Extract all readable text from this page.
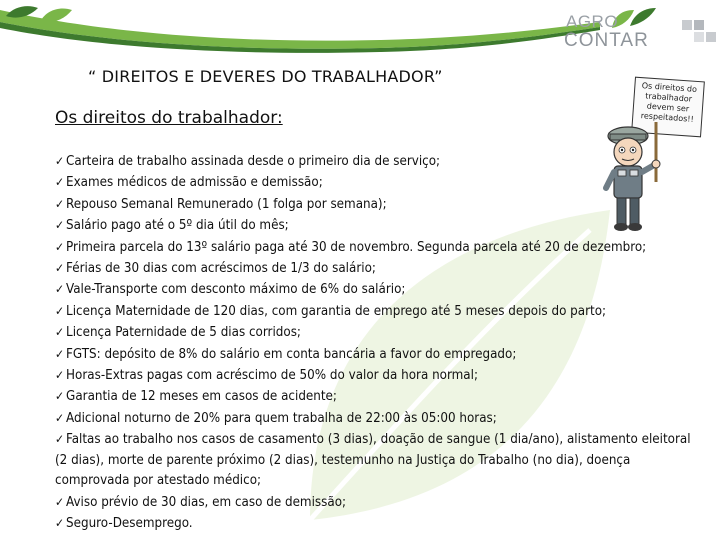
AGRO
CONTAR
“ DIREITOS E DEVERES DO TRABALHADOR”
Os direitos do trabalhador:
Os direitos do trabalhador devem ser respeitados!!
✓ Carteira de trabalho assinada desde o primeiro dia de serviço;
✓ Exames médicos de admissão e demissão;
✓ Repouso Semanal Remunerado (1 folga por semana);
✓ Salário pago até o 5º dia útil do mês;
✓ Primeira parcela do 13º salário paga até 30 de novembro. Segunda parcela até 20 de dezembro;
✓ Férias de 30 dias com acréscimos de 1/3 do salário;
✓ Vale-Transporte com desconto máximo de 6% do salário;
✓ Licença Maternidade de 120 dias, com garantia de emprego até 5 meses depois do parto;
✓ Licença Paternidade de 5 dias corridos;
✓ FGTS: depósito de 8% do salário em conta bancária a favor do empregado;
✓ Horas-Extras pagas com acréscimo de 50% do valor da hora normal;
✓ Garantia de 12 meses em casos de acidente;
✓ Adicional noturno de 20% para quem trabalha de 22:00 às 05:00 horas;
✓ Faltas ao trabalho nos casos de casamento (3 dias), doação de sangue (1 dia/ano), alistamento eleitoral (2 dias), morte de parente próximo (2 dias), testemunho na Justiça do Trabalho (no dia), doença comprovada por atestado médico;
✓ Aviso prévio de 30 dias, em caso de demissão;
✓ Seguro-Desemprego.
